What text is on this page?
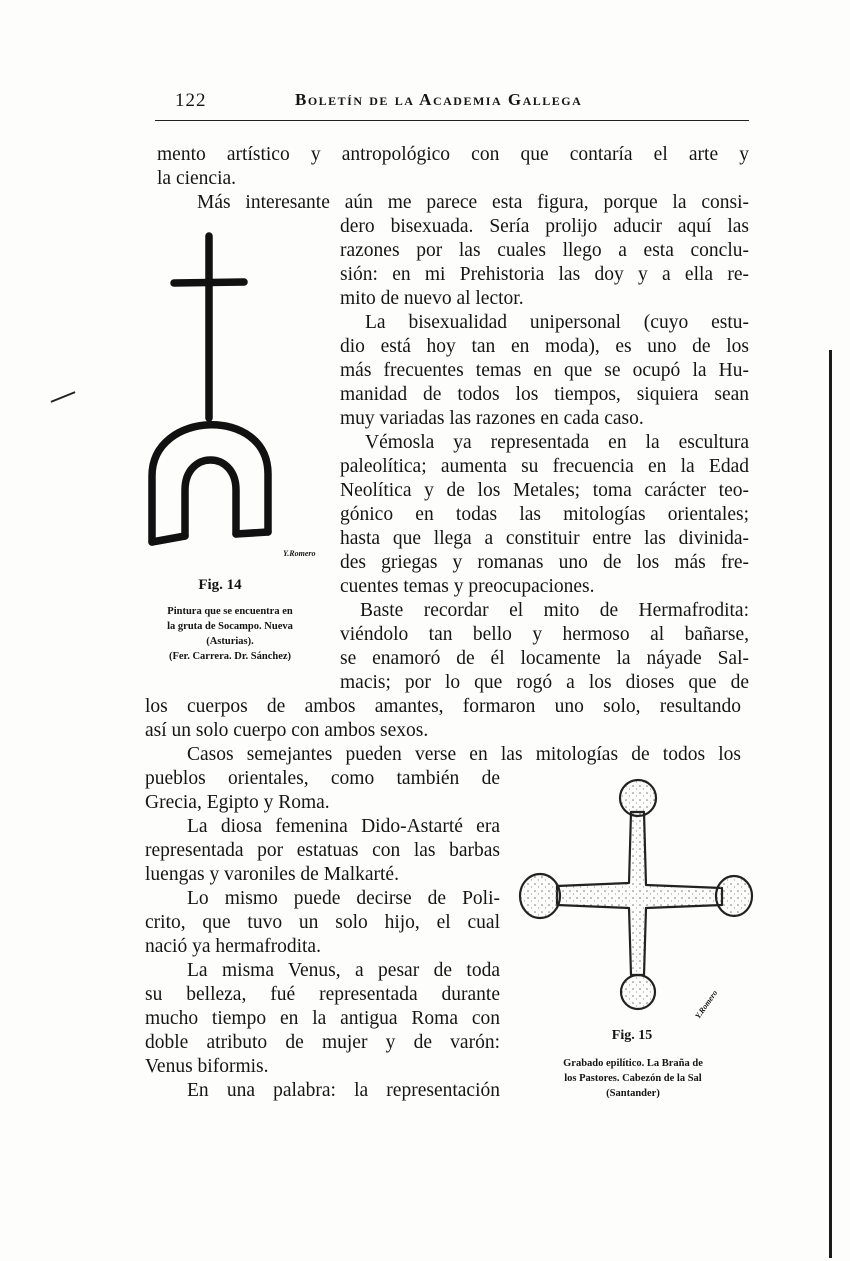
122	Boletín de la Academia Gallega
mento artístico y antropológico con que contaría el arte y
la ciencia.
Más interesante aún me parece esta figura, porque la consi-
dero bisexuada. Sería prolijo aducir aquí las
razones por las cuales llego a esta conclu-
sión: en mi Prehistoria las doy y a ella re-
mito de nuevo al lector.
La bisexualidad unipersonal (cuyo estu-
dio está hoy tan en moda), es uno de los
más frecuentes temas en que se ocupó la Hu-
manidad de todos los tiempos, siquiera sean
muy variadas las razones en cada caso.
Vémosla ya representada en la escultura
paleolítica; aumenta su frecuencia en la Edad
Neolítica y de los Metales; toma carácter teo-
gónico en todas las mitologías orientales;
hasta que llega a constituir entre las divinida-
des griegas y romanas uno de los más fre-
cuentes temas y preocupaciones.
Baste recordar el mito de Hermafrodita:
viéndolo tan bello y hermoso al bañarse,
se enamoró de él locamente la náyade Sal-
macis; por lo que rogó a los dioses que de
los cuerpos de ambos amantes, formaron uno solo, resultando
así un solo cuerpo con ambos sexos.
Casos semejantes pueden verse en las mitologías de todos los
pueblos orientales, como también de
Grecia, Egipto y Roma.
La diosa femenina Dido-Astarté era
representada por estatuas con las barbas
luengas y varoniles de Malkarté.
Lo mismo puede decirse de Poli-
crito, que tuvo un solo hijo, el cual
nació ya hermafrodita.
La misma Venus, a pesar de toda
su belleza, fué representada durante
mucho tiempo en la antigua Roma con
doble atributo de mujer y de varón:
Venus biformis.
En una palabra: la representación
Y.Romero
Fig. 14
Pintura que se encuentra en
la gruta de Socampo. Nueva
(Asturias).
(Fer. Carrera. Dr. Sánchez)
Y.Romero
Fig. 15
Grabado epilítico. La Braña de
los Pastores. Cabezón de la Sal
(Santander)
